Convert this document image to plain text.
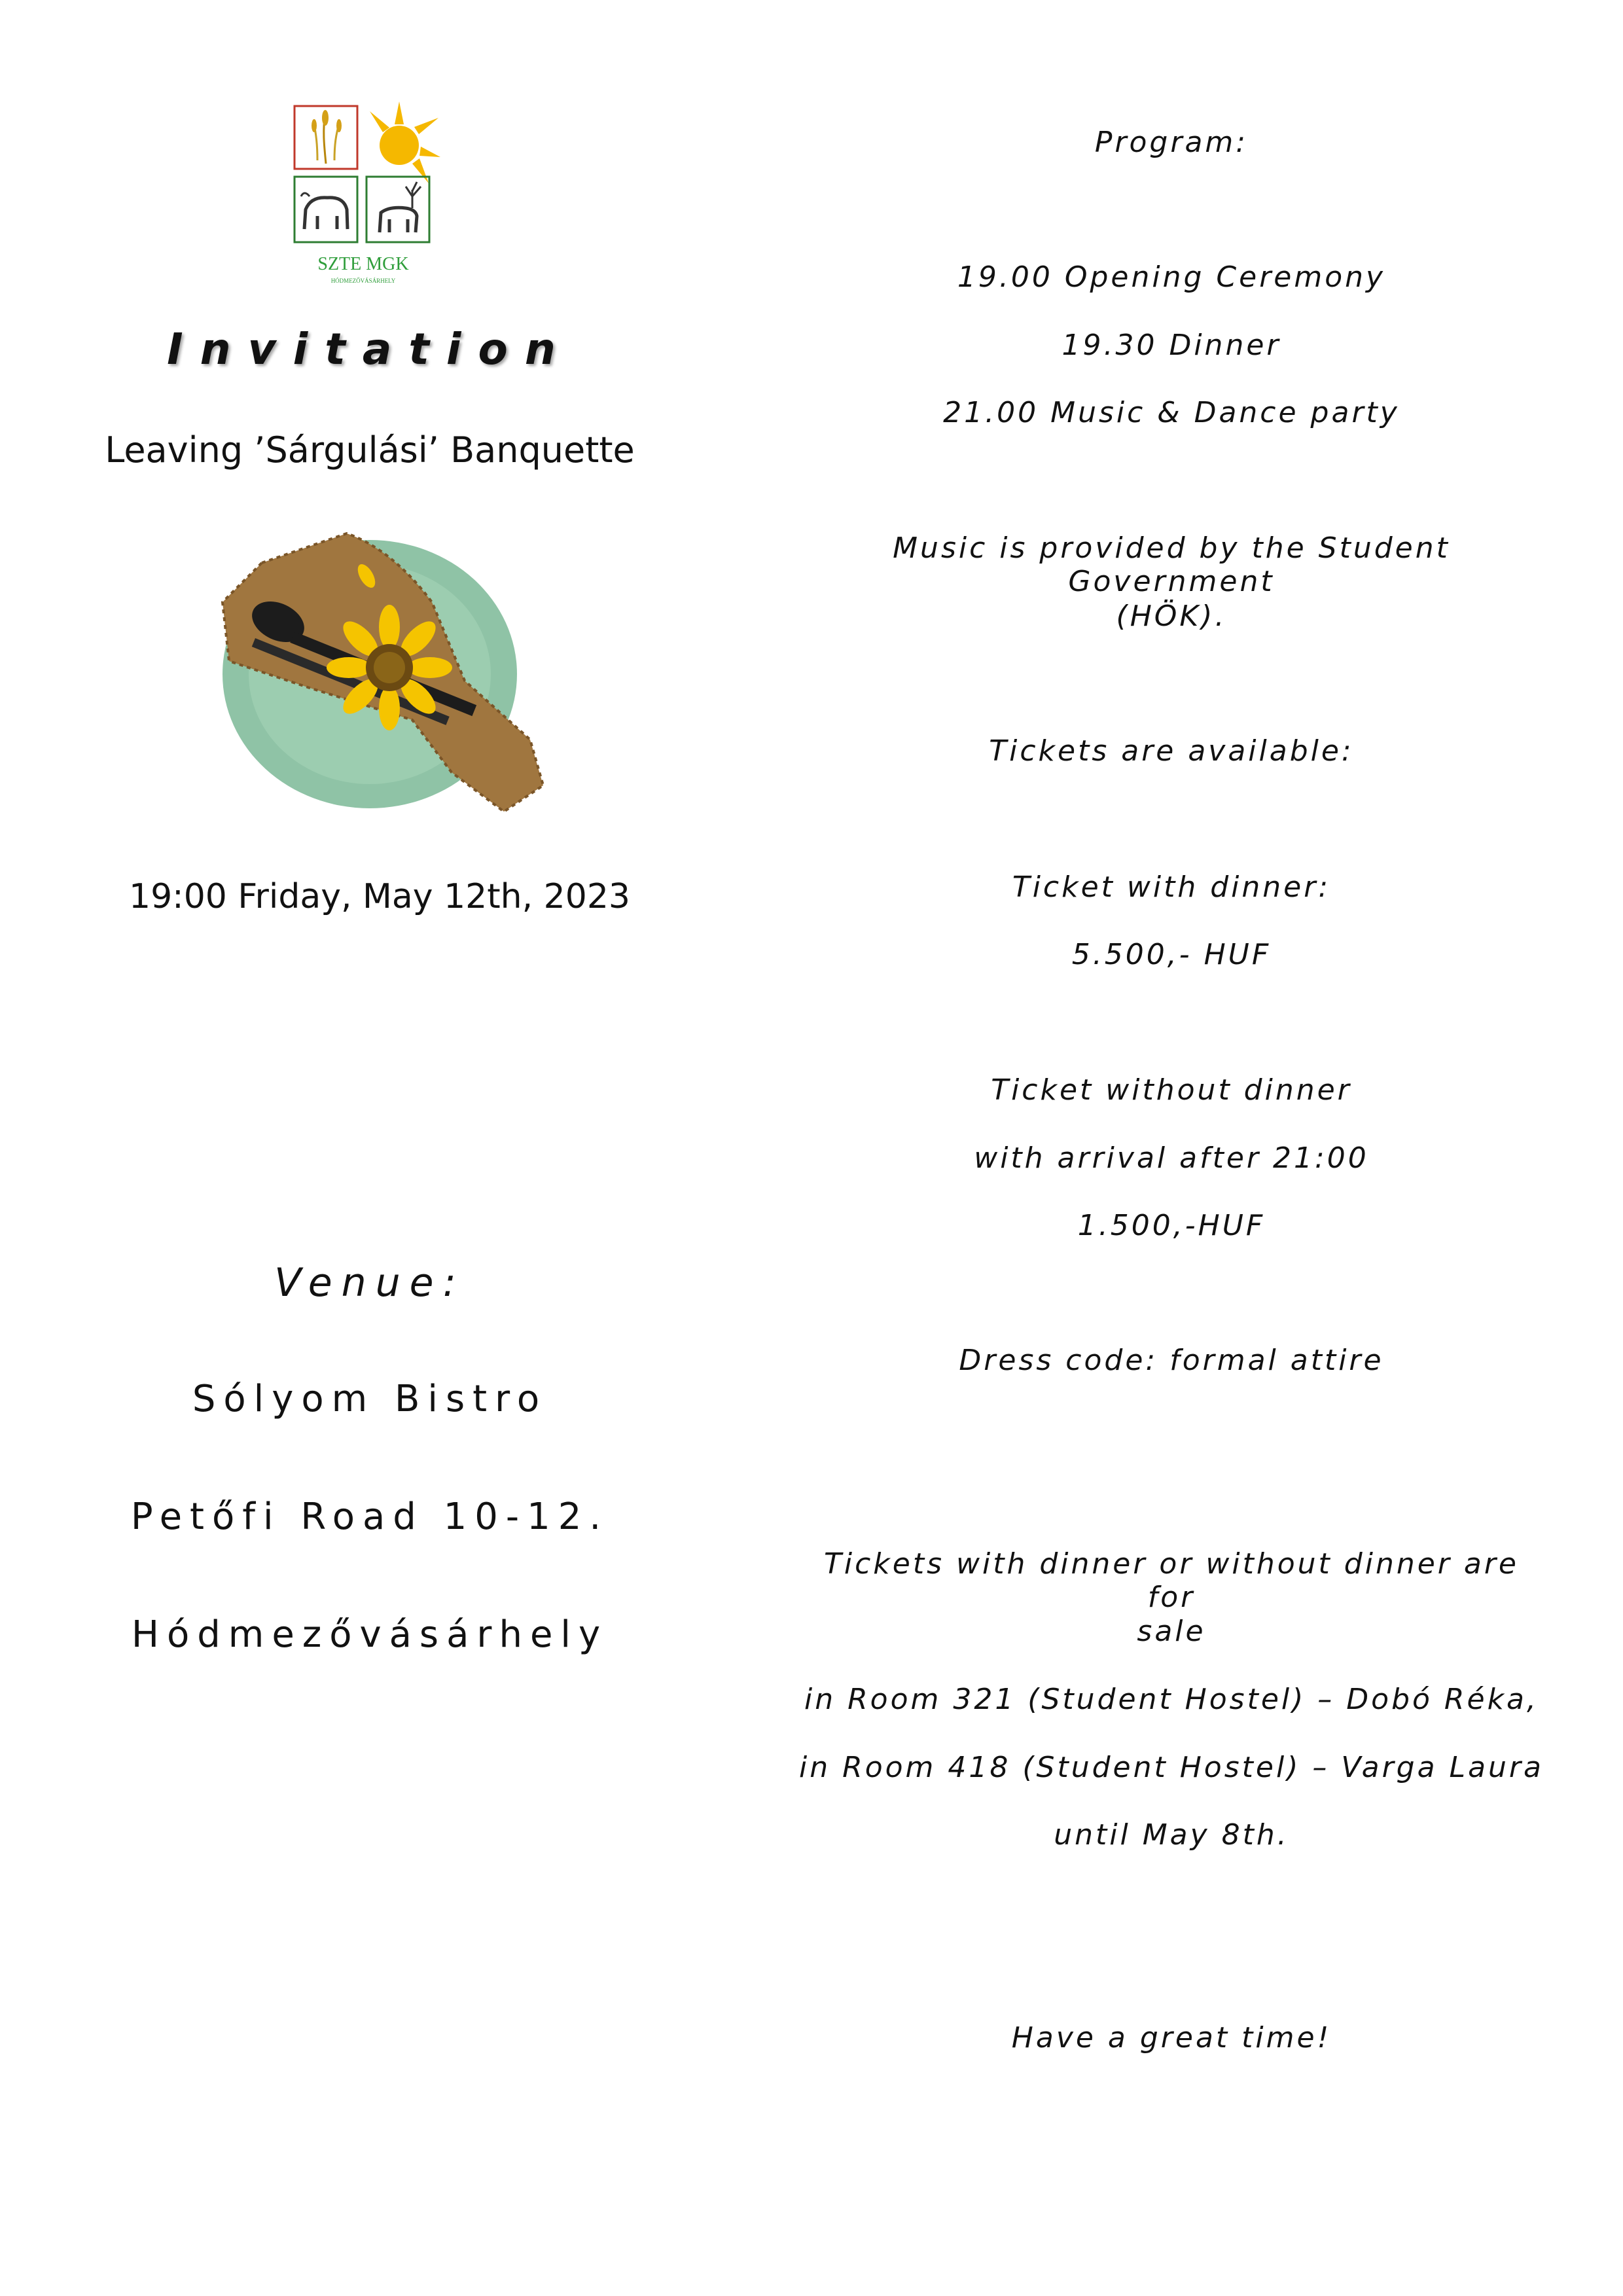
SZTE MGK
HÓDMEZŐVÁSÁRHELY
Invitation
Leaving ’Sárgulási’ Banquette
19:00 Friday, May 12th, 2023
Venue:
Sólyom Bistro
Petőfi Road 10-12.
Hódmezővásárhely
Program:
19.00 Opening Ceremony
19.30 Dinner
21.00 Music & Dance party
Music is provided by the Student Government
(HÖK).
Tickets are available:
Ticket with dinner:
5.500,- HUF
Ticket without dinner
with arrival after 21:00
1.500,-HUF
Dress code: formal attire
Tickets with dinner or without dinner are for
sale
in Room 321 (Student Hostel) – Dobó Réka,
in Room 418 (Student Hostel) – Varga Laura
until May 8th.
Have a great time!
